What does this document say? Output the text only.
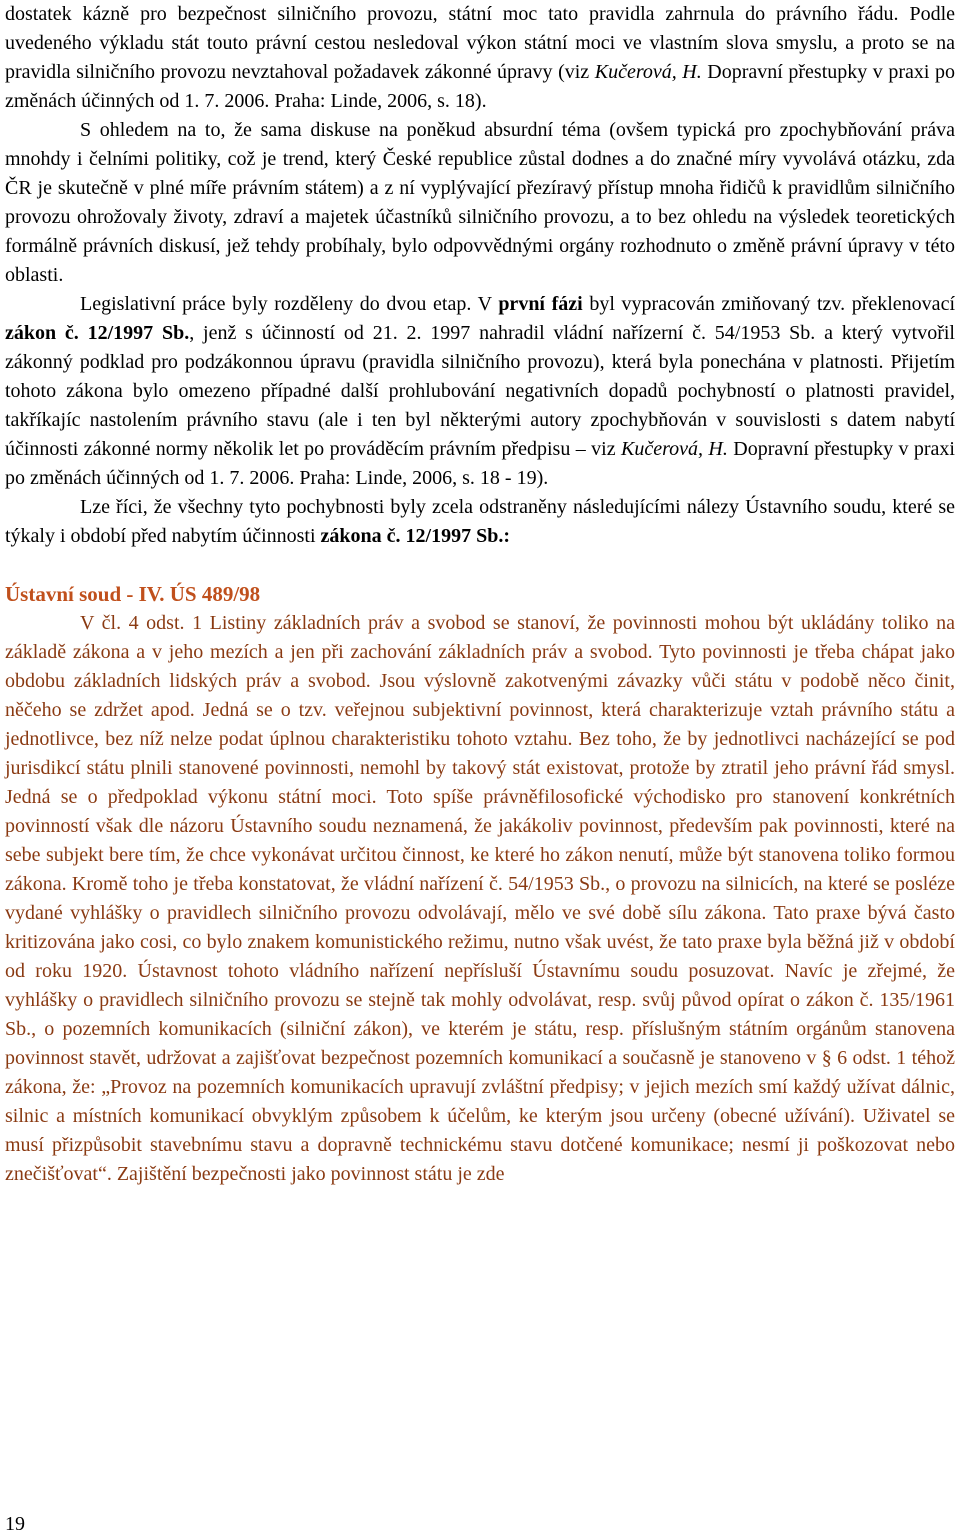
dostatek kázně pro bezpečnost silničního provozu, státní moc tato pravidla zahrnula do právního řádu. Podle uvedeného výkladu stát touto právní cestou nesledoval výkon státní moci ve vlastním slova smyslu, a proto se na pravidla silničního provozu nevztahoval požadavek zákonné úpravy (viz Kučerová, H. Dopravní přestupky v praxi po změnách účinných od 1. 7. 2006. Praha: Linde, 2006, s. 18).

S ohledem na to, že sama diskuse na poněkud absurdní téma (ovšem typická pro zpochybňování práva mnohdy i čelními politiky, což je trend, který České republice zůstal dodnes a do značné míry vyvolává otázku, zda ČR je skutečně v plné míře právním státem) a z ní vyplývající přezíravý přístup mnoha řidičů k pravidlům silničního provozu ohrožovaly životy, zdraví a majetek účastníků silničního provozu, a to bez ohledu na výsledek teoretických formálně právních diskusí, jež tehdy probíhaly, bylo odpovvědnými orgány rozhodnuto o změně právní úpravy v této oblasti.

Legislativní práce byly rozděleny do dvou etap. V první fázi byl vypracován zmiňovaný tzv. překlenovací zákon č. 12/1997 Sb., jenž s účinností od 21. 2. 1997 nahradil vládní nařízerní č. 54/1953 Sb. a který vytvořil zákonný podklad pro podzákonnou úpravu (pravidla silničního provozu), která byla ponechána v platnosti. Přijetím tohoto zákona bylo omezeno případné další prohlubování negativních dopadů pochybností o platnosti pravidel, takříkajíc nastolením právního stavu (ale i ten byl některými autory zpochybňován v souvislosti s datem nabytí účinnosti zákonné normy několik let po prováděcím právním předpisu – viz Kučerová, H. Dopravní přestupky v praxi po změnách účinných od 1. 7. 2006. Praha: Linde, 2006, s. 18 - 19).

Lze říci, že všechny tyto pochybnosti byly zcela odstraněny následujícími nálezy Ústavního soudu, které se týkaly i období před nabytím účinnosti zákona č. 12/1997 Sb.:

Ústavní soud - IV. ÚS 489/98

V čl. 4 odst. 1 Listiny základních práv a svobod se stanoví, že povinnosti mohou být ukládány toliko na základě zákona a v jeho mezích a jen při zachování základních práv a svobod. Tyto povinnosti je třeba chápat jako obdobu základních lidských práv a svobod. Jsou výslovně zakotvenými závazky vůči státu v podobě něco činit, něčeho se zdržet apod. Jedná se o tzv. veřejnou subjektivní povinnost, která charakterizuje vztah právního státu a jednotlivce, bez níž nelze podat úplnou charakteristiku tohoto vztahu. Bez toho, že by jednotlivci nacházející se pod jurisdikcí státu plnili stanovené povinnosti, nemohl by takový stát existovat, protože by ztratil jeho právní řád smysl. Jedná se o předpoklad výkonu státní moci. Toto spíše právněfilosofické východisko pro stanovení konkrétních povinností však dle názoru Ústavního soudu neznamená, že jakákoliv povinnost, především pak povinnosti, které na sebe subjekt bere tím, že chce vykonávat určitou činnost, ke které ho zákon nenutí, může být stanovena toliko formou zákona. Kromě toho je třeba konstatovat, že vládní nařízení č. 54/1953 Sb., o provozu na silnicích, na které se posléze vydané vyhlášky o pravidlech silničního provozu odvolávají, mělo ve své době sílu zákona. Tato praxe bývá často kritizována jako cosi, co bylo znakem komunistického režimu, nutno však uvést, že tato praxe byla běžná již v období od roku 1920. Ústavnost tohoto vládního nařízení nepřísluší Ústavnímu soudu posuzovat. Navíc je zřejmé, že vyhlášky o pravidlech silničního provozu se stejně tak mohly odvolávat, resp. svůj původ opírat o zákon č. 135/1961 Sb., o pozemních komunikacích (silniční zákon), ve kterém je státu, resp. příslušným státním orgánům stanovena povinnost stavět, udržovat a zajišťovat bezpečnost pozemních komunikací a současně je stanoveno v § 6 odst. 1 téhož zákona, že: „Provoz na pozemních komunikacích upravují zvláštní předpisy; v jejich mezích smí každý užívat dálnic, silnic a místních komunikací obvyklým způsobem k účelům, ke kterým jsou určeny (obecné užívání). Uživatel se musí přizpůsobit stavebnímu stavu a dopravně technickému stavu dotčené komunikace; nesmí ji poškozovat nebo znečišťovat“. Zajištění bezpečnosti jako povinnost státu je zde

19
